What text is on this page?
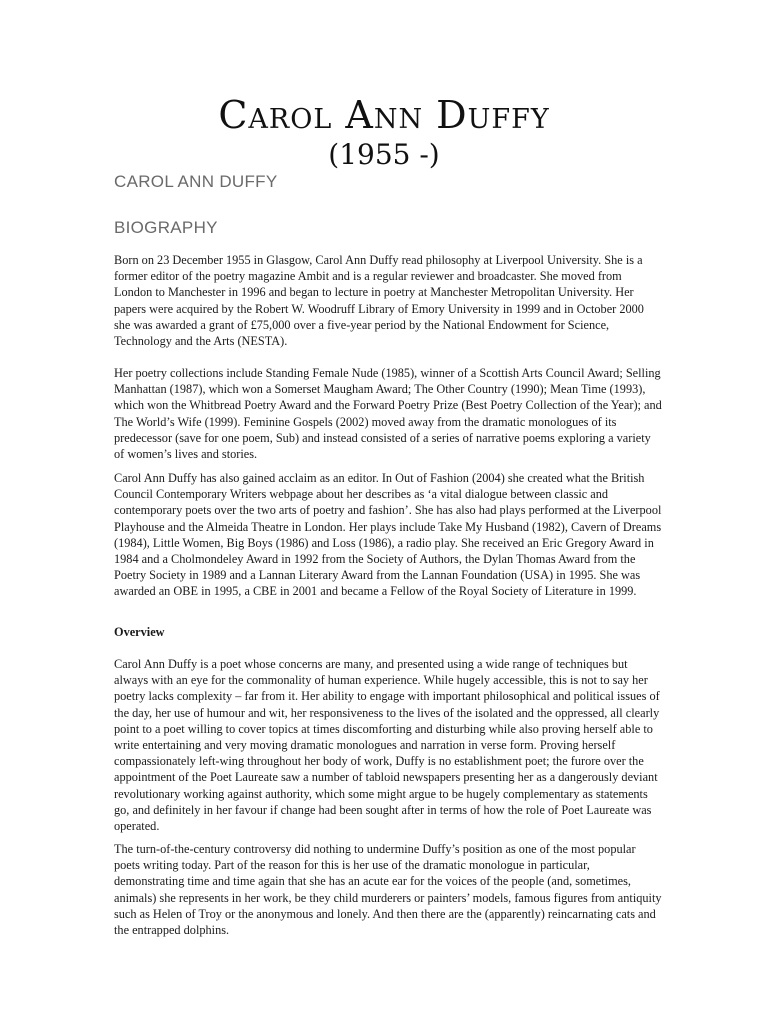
Carol Ann Duffy
(1955 -)
CAROL ANN DUFFY
BIOGRAPHY

Born on 23 December 1955 in Glasgow, Carol Ann Duffy read philosophy at Liverpool University. She is a former editor of the poetry magazine Ambit and is a regular reviewer and broadcaster. She moved from London to Manchester in 1996 and began to lecture in poetry at Manchester Metropolitan University. Her papers were acquired by the Robert W. Woodruff Library of Emory University in 1999 and in October 2000 she was awarded a grant of £75,000 over a five-year period by the National Endowment for Science, Technology and the Arts (NESTA).

Her poetry collections include Standing Female Nude (1985), winner of a Scottish Arts Council Award; Selling Manhattan (1987), which won a Somerset Maugham Award; The Other Country (1990); Mean Time (1993), which won the Whitbread Poetry Award and the Forward Poetry Prize (Best Poetry Collection of the Year); and The World’s Wife (1999). Feminine Gospels (2002) moved away from the dramatic monologues of its predecessor (save for one poem, Sub) and instead consisted of a series of narrative poems exploring a variety of women’s lives and stories.

Carol Ann Duffy has also gained acclaim as an editor. In Out of Fashion (2004) she created what the British Council Contemporary Writers webpage about her describes as ‘a vital dialogue between classic and contemporary poets over the two arts of poetry and fashion’. She has also had plays performed at the Liverpool Playhouse and the Almeida Theatre in London. Her plays include Take My Husband (1982), Cavern of Dreams (1984), Little Women, Big Boys (1986) and Loss (1986), a radio play. She received an Eric Gregory Award in 1984 and a Cholmondeley Award in 1992 from the Society of Authors, the Dylan Thomas Award from the Poetry Society in 1989 and a Lannan Literary Award from the Lannan Foundation (USA) in 1995. She was awarded an OBE in 1995, a CBE in 2001 and became a Fellow of the Royal Society of Literature in 1999.

Overview

Carol Ann Duffy is a poet whose concerns are many, and presented using a wide range of techniques but always with an eye for the commonality of human experience. While hugely accessible, this is not to say her poetry lacks complexity – far from it. Her ability to engage with important philosophical and political issues of the day, her use of humour and wit, her responsiveness to the lives of the isolated and the oppressed, all clearly point to a poet willing to cover topics at times discomforting and disturbing while also proving herself able to write entertaining and very moving dramatic monologues and narration in verse form. Proving herself compassionately left-wing throughout her body of work, Duffy is no establishment poet; the furore over the appointment of the Poet Laureate saw a number of tabloid newspapers presenting her as a dangerously deviant revolutionary working against authority, which some might argue to be hugely complementary as statements go, and definitely in her favour if change had been sought after in terms of how the role of Poet Laureate was operated.

The turn-of-the-century controversy did nothing to undermine Duffy’s position as one of the most popular poets writing today. Part of the reason for this is her use of the dramatic monologue in particular, demonstrating time and time again that she has an acute ear for the voices of the people (and, sometimes, animals) she represents in her work, be they child murderers or painters’ models, famous figures from antiquity such as Helen of Troy or the anonymous and lonely. And then there are the (apparently) reincarnating cats and the entrapped dolphins.
